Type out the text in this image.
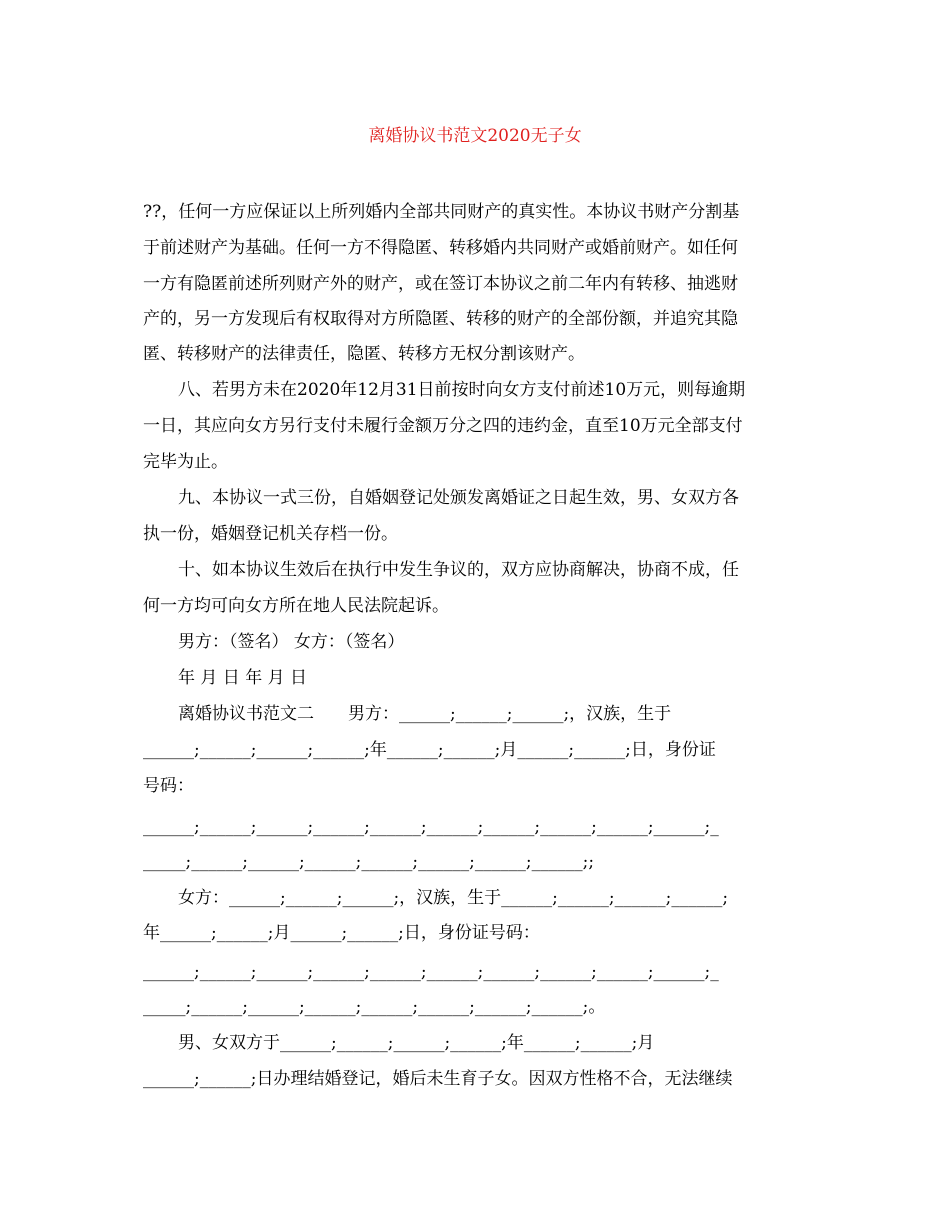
离婚协议书范文2020无子女
??，任何一方应保证以上所列婚内全部共同财产的真实性。本协议书财产分割基
于前述财产为基础。任何一方不得隐匿、转移婚内共同财产或婚前财产。如任何
一方有隐匿前述所列财产外的财产，或在签订本协议之前二年内有转移、抽逃财
产的，另一方发现后有权取得对方所隐匿、转移的财产的全部份额，并追究其隐
匿、转移财产的法律责任，隐匿、转移方无权分割该财产。
八、若男方未在2020年12月31日前按时向女方支付前述10万元，则每逾期
一日，其应向女方另行支付未履行金额万分之四的违约金，直至10万元全部支付
完毕为止。
九、本协议一式三份，自婚姻登记处颁发离婚证之日起生效，男、女双方各
执一份，婚姻登记机关存档一份。
十、如本协议生效后在执行中发生争议的，双方应协商解决，协商不成，任
何一方均可向女方所在地人民法院起诉。
男方：（签名） 女方：（签名）
年 月 日 年 月 日
离婚协议书范文二　　男方：______;______;______;，汉族，生于
______;______;______;______;年______;______;月______;______;日，身份证
号码：
______;______;______;______;______;______;______;______;______;______;_
_____;______;______;______;______;______;______;______;;
女方：______;______;______;，汉族，生于______;______;______;______;
年______;______;月______;______;日，身份证号码：
______;______;______;______;______;______;______;______;______;______;_
_____;______;______;______;______;______;______;______;。
男、女双方于______;______;______;______;年______;______;月
______;______;日办理结婚登记，婚后未生育子女。因双方性格不合，无法继续
